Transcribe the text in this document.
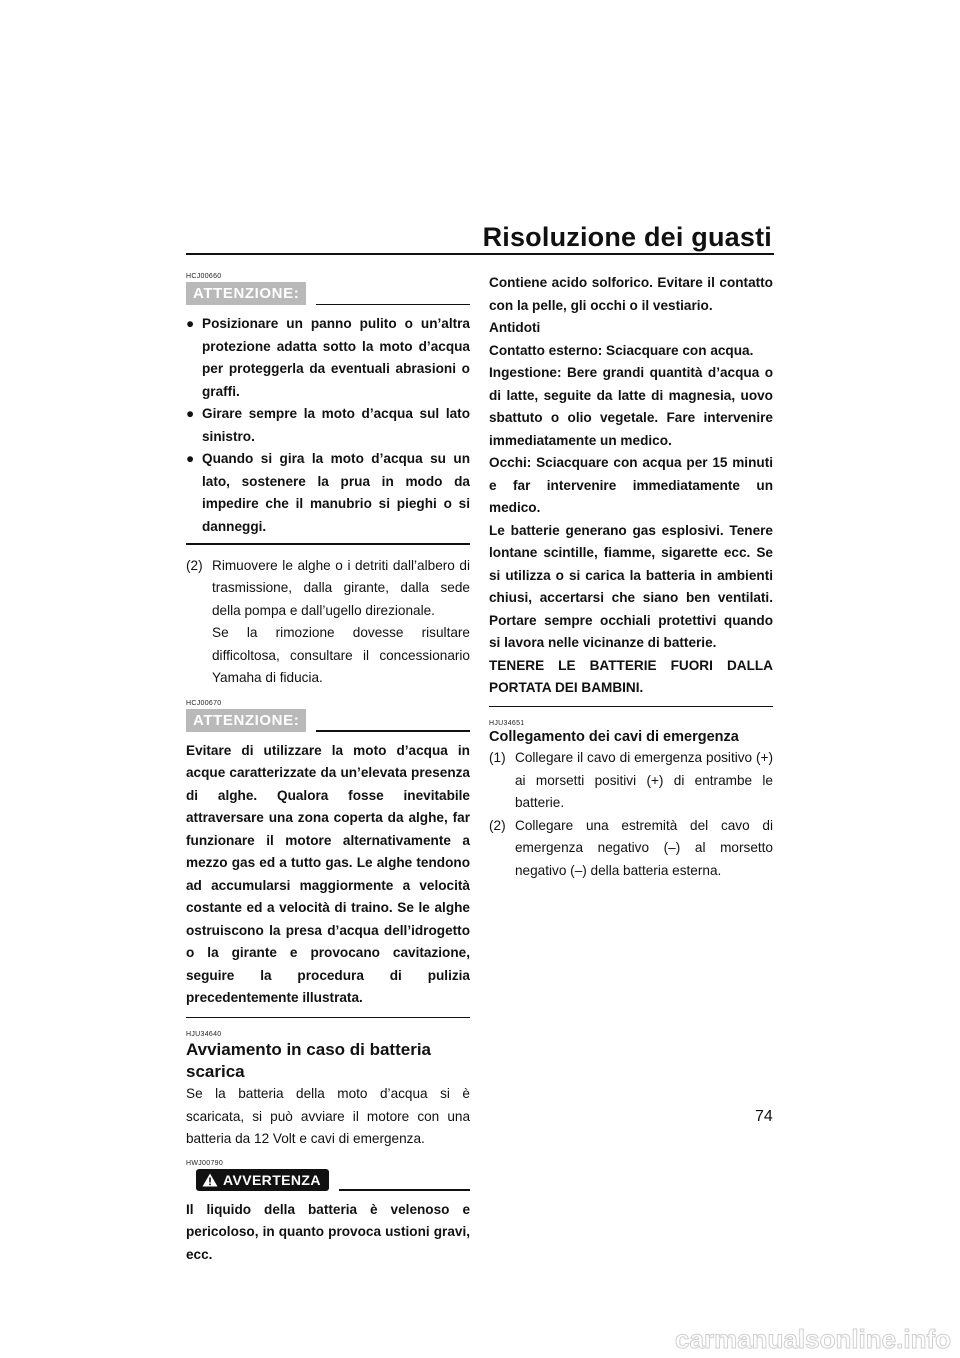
Risoluzione dei guasti
HCJ00660
ATTENZIONE:
● Posizionare un panno pulito o un’altra protezione adatta sotto la moto d’acqua per proteggerla da eventuali abrasioni o graffi.
● Girare sempre la moto d’acqua sul lato sinistro.
● Quando si gira la moto d’acqua su un lato, sostenere la prua in modo da impedire che il manubrio si pieghi o si danneggi.
(2) Rimuovere le alghe o i detriti dall’albero di trasmissione, dalla girante, dalla sede della pompa e dall’ugello direzionale.
Se la rimozione dovesse risultare difficoltosa, consultare il concessionario Yamaha di fiducia.
HCJ00670
ATTENZIONE:
Evitare di utilizzare la moto d’acqua in acque caratterizzate da un’elevata presenza di alghe. Qualora fosse inevitabile attraversare una zona coperta da alghe, far funzionare il motore alternativamente a mezzo gas ed a tutto gas. Le alghe tendono ad accumularsi maggiormente a velocità costante ed a velocità di traino. Se le alghe ostruiscono la presa d’acqua dell’idrogetto o la girante e provocano cavitazione, seguire la procedura di pulizia precedentemente illustrata.
HJU34640
Avviamento in caso di batteria scarica
Se la batteria della moto d’acqua si è scaricata, si può avviare il motore con una batteria da 12 Volt e cavi di emergenza.
HWJ00790
AVVERTENZA
Il liquido della batteria è velenoso e pericoloso, in quanto provoca ustioni gravi, ecc.
Contiene acido solforico. Evitare il contatto con la pelle, gli occhi o il vestiario.
Antidoti
Contatto esterno: Sciacquare con acqua.
Ingestione: Bere grandi quantità d’acqua o di latte, seguite da latte di magnesia, uovo sbattuto o olio vegetale. Fare intervenire immediatamente un medico.
Occhi: Sciacquare con acqua per 15 minuti e far intervenire immediatamente un medico.
Le batterie generano gas esplosivi. Tenere lontane scintille, fiamme, sigarette ecc. Se si utilizza o si carica la batteria in ambienti chiusi, accertarsi che siano ben ventilati. Portare sempre occhiali protettivi quando si lavora nelle vicinanze di batterie.
TENERE LE BATTERIE FUORI DALLA PORTATA DEI BAMBINI.
HJU34651
Collegamento dei cavi di emergenza
(1) Collegare il cavo di emergenza positivo (+) ai morsetti positivi (+) di entrambe le batterie.
(2) Collegare una estremità del cavo di emergenza negativo (–) al morsetto negativo (–) della batteria esterna.
74
carmanualsonline.info
